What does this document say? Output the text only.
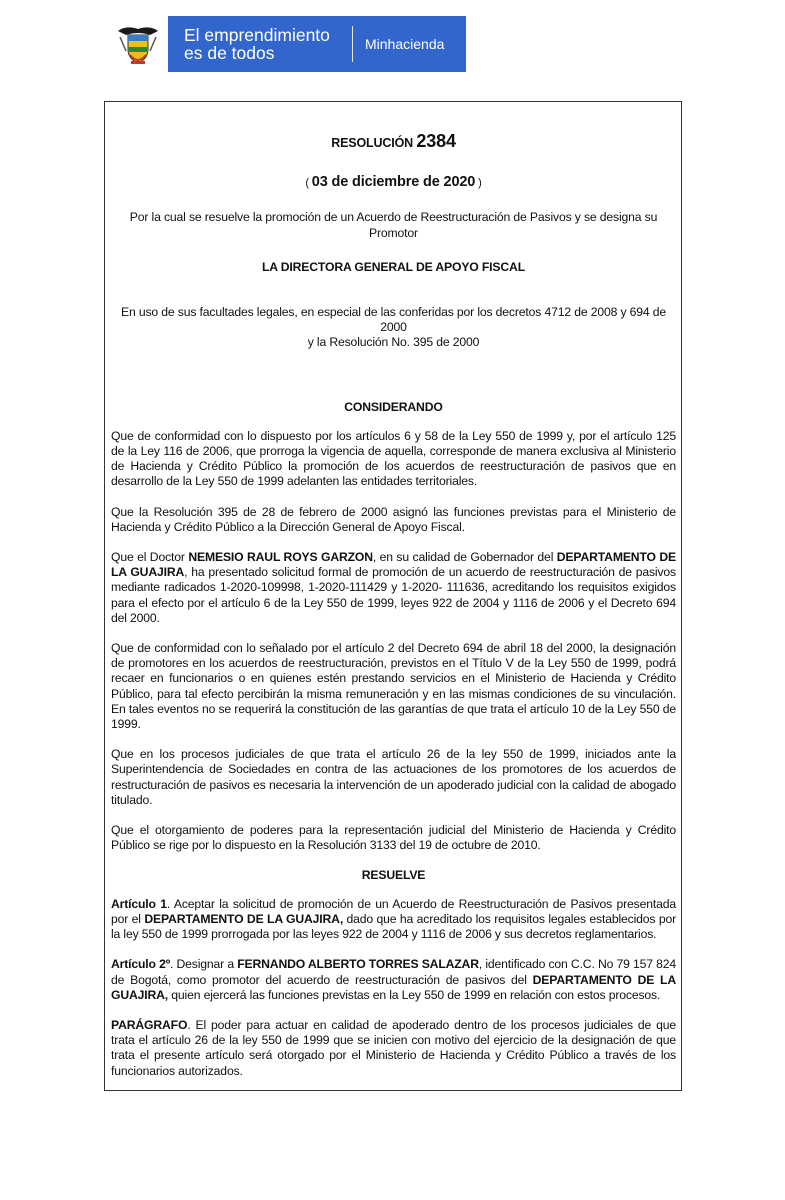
El emprendimiento
es de todos	Minhacienda
RESOLUCIÓN 2384
( 03 de diciembre de 2020 )
Por la cual se resuelve la promoción de un Acuerdo de Reestructuración de Pasivos y se designa su Promotor
LA DIRECTORA GENERAL DE APOYO FISCAL
En uso de sus facultades legales, en especial de las conferidas por los decretos 4712 de 2008 y 694 de 2000
y la Resolución No. 395 de 2000
CONSIDERANDO
Que de conformidad con lo dispuesto por los artículos 6 y 58 de la Ley 550 de 1999 y, por el artículo 125 de la Ley 116 de 2006, que prorroga la vigencia de aquella, corresponde de manera exclusiva al Ministerio de Hacienda y Crédito Público la promoción de los acuerdos de reestructuración de pasivos que en desarrollo de la Ley 550 de 1999 adelanten las entidades territoriales.
Que la Resolución 395 de 28 de febrero de 2000 asignó las funciones previstas para el Ministerio de Hacienda y Crédito Público a la Dirección General de Apoyo Fiscal.
Que el Doctor NEMESIO RAUL ROYS GARZON, en su calidad de Gobernador del DEPARTAMENTO DE LA GUAJIRA, ha presentado solicitud formal de promoción de un acuerdo de reestructuración de pasivos mediante radicados 1-2020-109998, 1-2020-111429 y 1-2020- 111636, acreditando los requisitos exigidos para el efecto por el artículo 6 de la Ley 550 de 1999, leyes 922 de 2004 y 1116 de 2006 y el Decreto 694 del 2000.
Que de conformidad con lo señalado por el artículo 2 del Decreto 694 de abril 18 del 2000, la designación de promotores en los acuerdos de reestructuración, previstos en el Título V de la Ley 550 de 1999, podrá recaer en funcionarios o en quienes estén prestando servicios en el Ministerio de Hacienda y Crédito Público, para tal efecto percibirán la misma remuneración y en las mismas condiciones de su vinculación. En tales eventos no se requerirá la constitución de las garantías de que trata el artículo 10 de la Ley 550 de 1999.
Que en los procesos judiciales de que trata el artículo 26 de la ley 550 de 1999, iniciados ante la Superintendencia de Sociedades en contra de las actuaciones de los promotores de los acuerdos de restructuración de pasivos es necesaria la intervención de un apoderado judicial con la calidad de abogado titulado.
Que el otorgamiento de poderes para la representación judicial del Ministerio de Hacienda y Crédito Público se rige por lo dispuesto en la Resolución 3133 del 19 de octubre de 2010.
RESUELVE
Artículo 1. Aceptar la solicitud de promoción de un Acuerdo de Reestructuración de Pasivos presentada por el DEPARTAMENTO DE LA GUAJIRA, dado que ha acreditado los requisitos legales establecidos por la ley 550 de 1999 prorrogada por las leyes 922 de 2004 y 1116 de 2006 y sus decretos reglamentarios.
Artículo 2º. Designar a FERNANDO ALBERTO TORRES SALAZAR, identificado con C.C. No 79 157 824 de Bogotá, como promotor del acuerdo de reestructuración de pasivos del DEPARTAMENTO DE LA GUAJIRA, quien ejercerá las funciones previstas en la Ley 550 de 1999 en relación con estos procesos.
PARÁGRAFO. El poder para actuar en calidad de apoderado dentro de los procesos judiciales de que trata el artículo 26 de la ley 550 de 1999 que se inicien con motivo del ejercicio de la designación de que trata el presente artículo será otorgado por el Ministerio de Hacienda y Crédito Público a través de los funcionarios autorizados.
